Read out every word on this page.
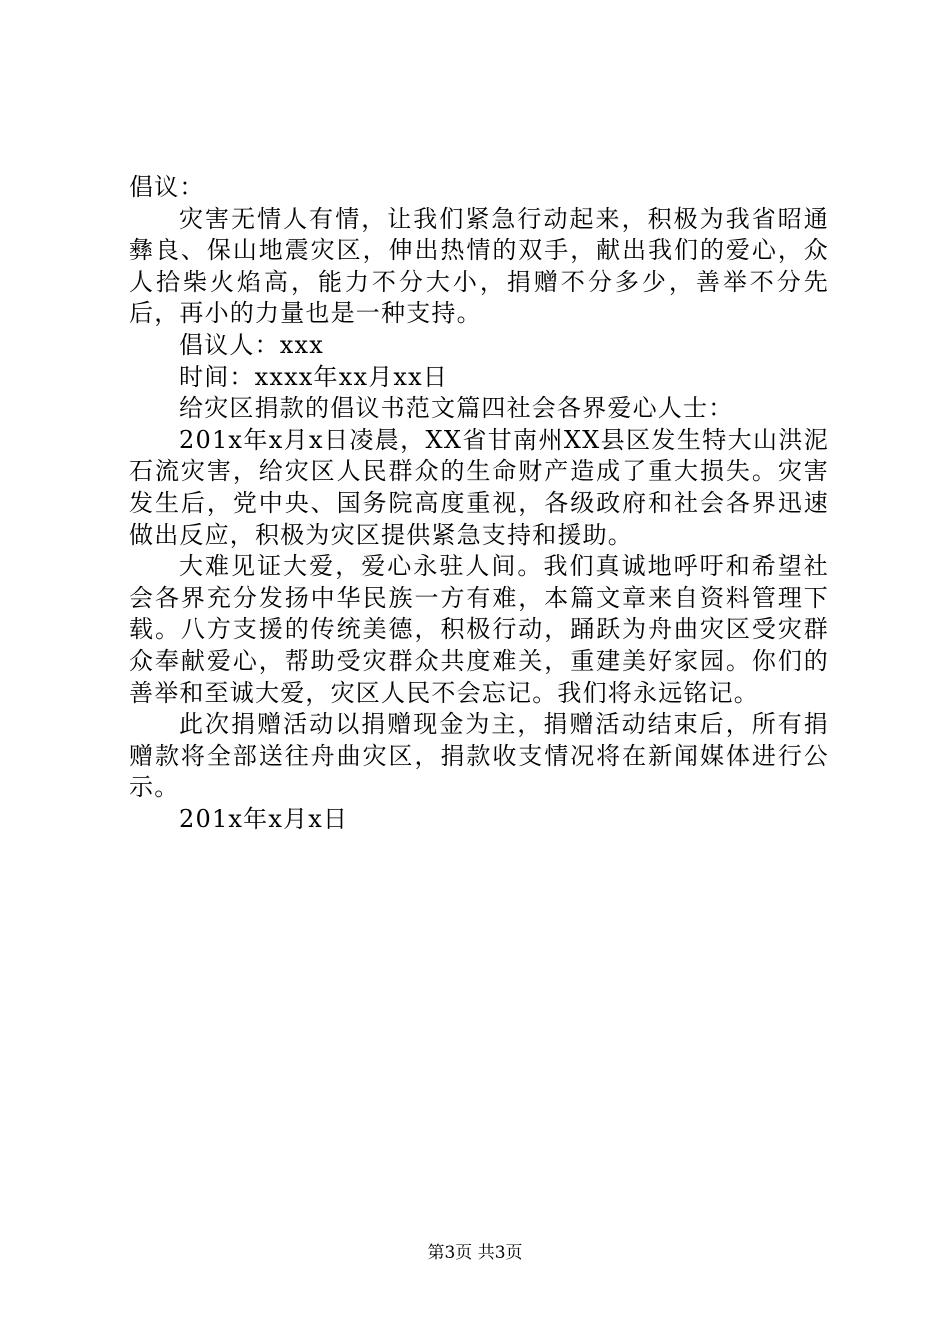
倡议：

灾害无情人有情，让我们紧急行动起来，积极为我省昭通彝良、保山地震灾区，伸出热情的双手，献出我们的爱心，众人拾柴火焰高，能力不分大小，捐赠不分多少，善举不分先后，再小的力量也是一种支持。

倡议人：xxx

时间：xxxx年xx月xx日

给灾区捐款的倡议书范文篇四社会各界爱心人士：

201x年x月x日凌晨，XX省甘南州XX县区发生特大山洪泥石流灾害，给灾区人民群众的生命财产造成了重大损失。灾害发生后，党中央、国务院高度重视，各级政府和社会各界迅速做出反应，积极为灾区提供紧急支持和援助。

大难见证大爱，爱心永驻人间。我们真诚地呼吁和希望社会各界充分发扬中华民族一方有难，本篇文章来自资料管理下载。八方支援的传统美德，积极行动，踊跃为舟曲灾区受灾群众奉献爱心，帮助受灾群众共度难关，重建美好家园。你们的善举和至诚大爱，灾区人民不会忘记。我们将永远铭记。

此次捐赠活动以捐赠现金为主，捐赠活动结束后，所有捐赠款将全部送往舟曲灾区，捐款收支情况将在新闻媒体进行公示。

201x年x月x日

第3页 共3页
